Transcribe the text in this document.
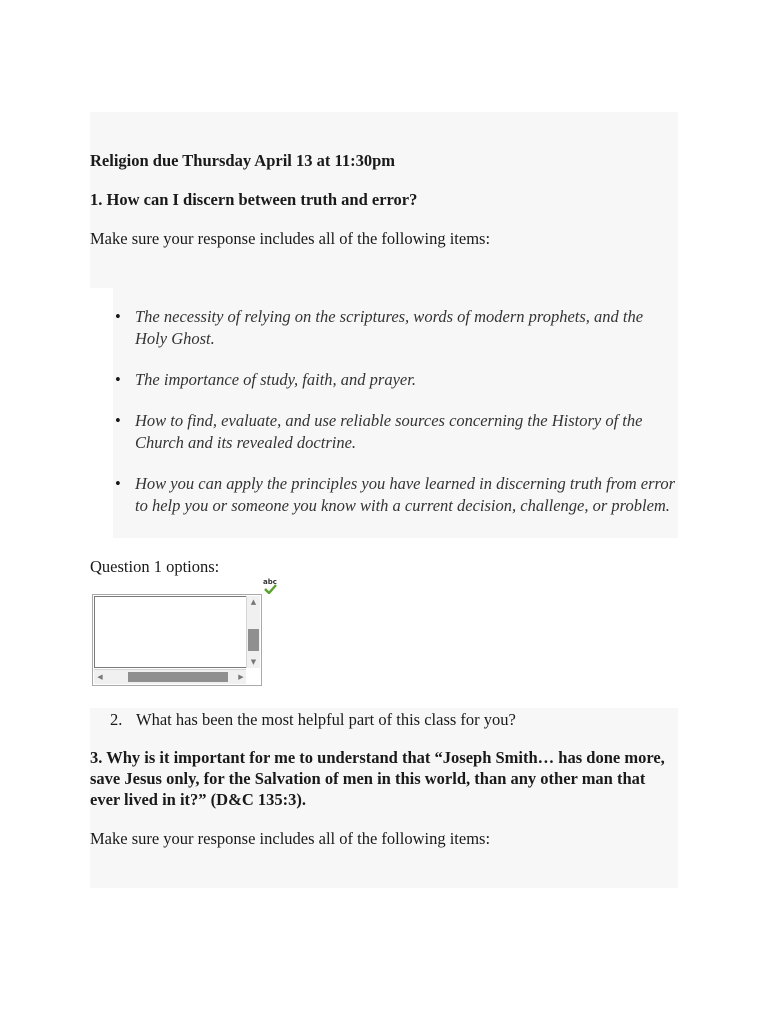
Religion due Thursday April 13 at 11:30pm

1. How can I discern between truth and error?

Make sure your response includes all of the following items:

• The necessity of relying on the scriptures, words of modern prophets, and the Holy Ghost.
• The importance of study, faith, and prayer.
• How to find, evaluate, and use reliable sources concerning the History of the Church and its revealed doctrine.
• How you can apply the principles you have learned in discerning truth from error to help you or someone you know with a current decision, challenge, or problem.

Question 1 options:

abc
▲
▼
◀	▶
2. What has been the most helpful part of this class for you?

3. Why is it important for me to understand that “Joseph Smith… has done more, save Jesus only, for the Salvation of men in this world, than any other man that ever lived in it?” (D&C 135:3).

Make sure your response includes all of the following items:
